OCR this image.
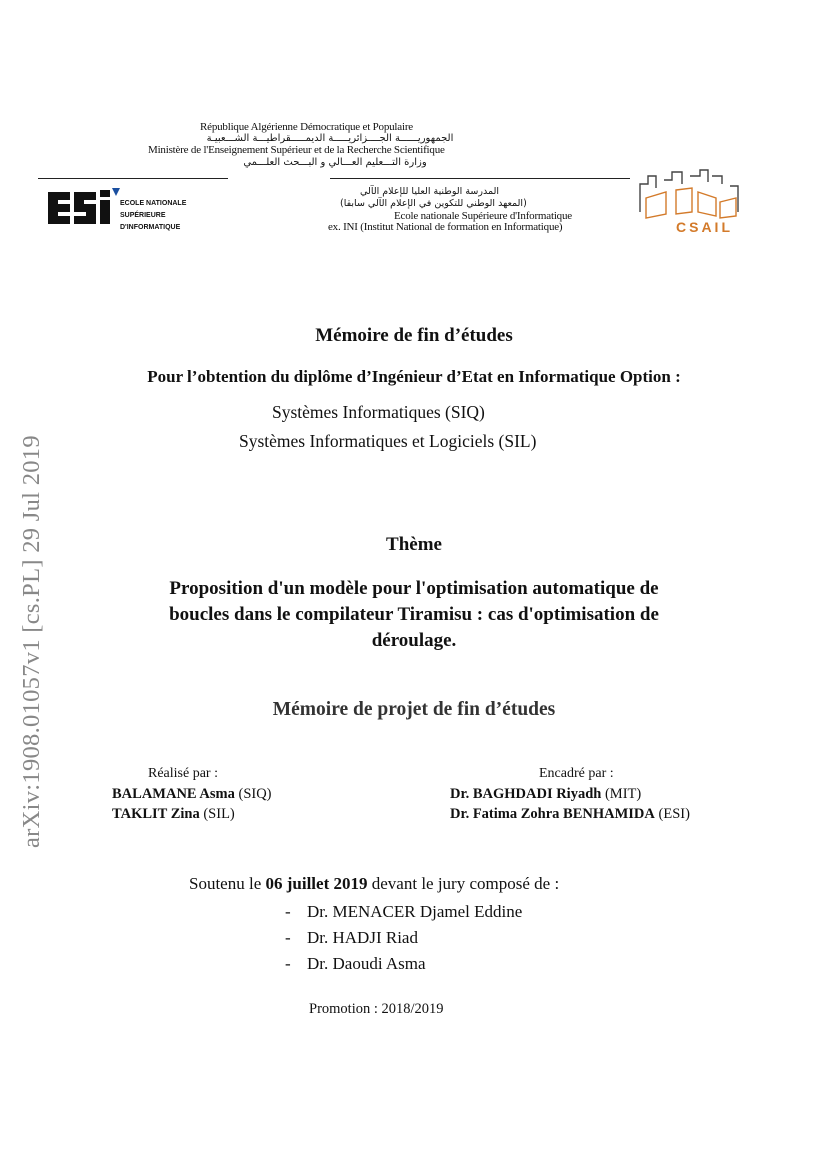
arXiv:1908.01057v1 [cs.PL] 29 Jul 2019
République Algérienne Démocratique et Populaire
الجمهوريــــــة الجــــزائريـــــة الديمـــــقراطيـــة الشـــعبيـة
Ministère de l'Enseignement Supérieur et de la Recherche Scientifique
وزارة التـــعليم العـــالي و البـــحث العلـــمي
ECOLE NATIONALE
SUPÉRIEURE
D'INFORMATIQUE
المدرسة الوطنية العليا للإعلام الآلي
(المعهد الوطني للتكوين في الإعلام الآلي سابقا)
Ecole nationale Supérieure d'Informatique
ex. INI (Institut National de formation en Informatique)	CSAIL
Mémoire de fin d’études
Pour l’obtention du diplôme d’Ingénieur d’Etat en Informatique Option :
Systèmes Informatiques (SIQ)
Systèmes Informatiques et Logiciels (SIL)
Thème
Proposition d'un modèle pour l'optimisation automatique de
boucles dans le compilateur Tiramisu : cas d'optimisation de
déroulage.
Mémoire de projet de fin d’études
Réalisé par :
BALAMANE Asma (SIQ)
TAKLIT Zina (SIL)
Encadré par :
Dr. BAGHDADI Riyadh (MIT)
Dr. Fatima Zohra BENHAMIDA (ESI)
Soutenu le 06 juillet 2019 devant le jury composé de :
- Dr. MENACER Djamel Eddine
- Dr. HADJI Riad
- Dr. Daoudi Asma
Promotion : 2018/2019
